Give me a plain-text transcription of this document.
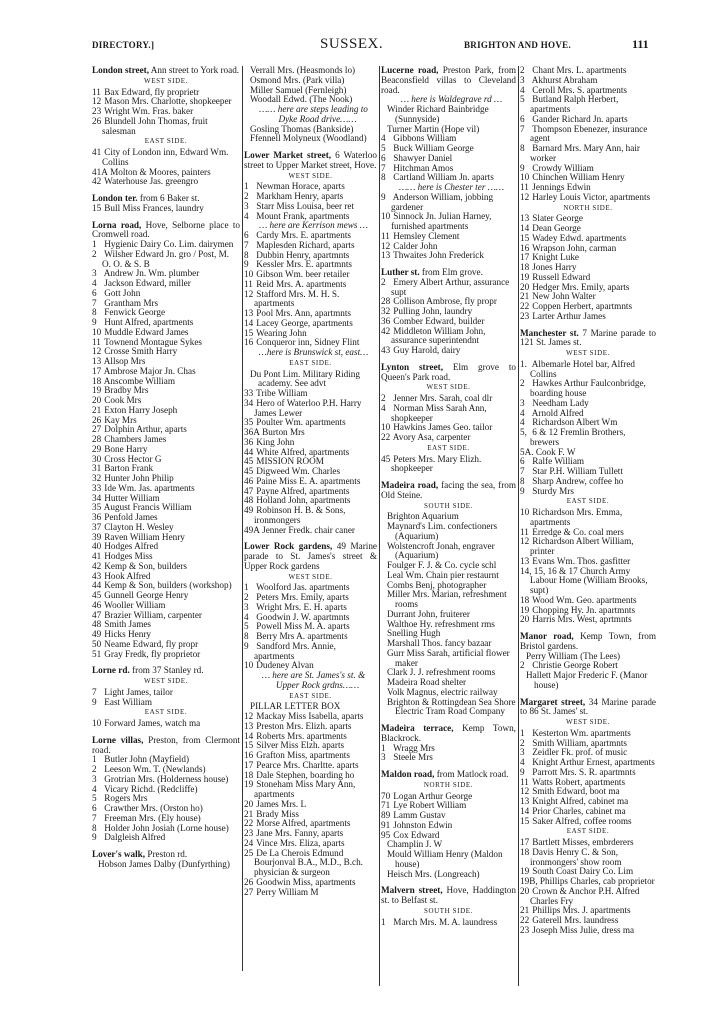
DIRECTORY.]	SUSSEX.	BRIGHTON AND HOVE.	111
London street, Ann street to York road.
WEST SIDE.
11 Bax Edward, fly proprietr
12 Mason Mrs. Charlotte, shopkeeper
23 Wright Wm. Fras. baker
26 Blundell John Thomas, fruit salesman
EAST SIDE.
41 City of London inn, Edward Wm. Collins
41A Molton & Moores, painters
42 Waterhouse Jas. greengro
London ter. from 6 Baker st.
15 Bull Miss Frances, laundry
Lorna road, Hove, Selborne place to Cromwell road.
1 Hygienic Dairy Co. Lim. dairymen
2 Wilsher Edward Jn. gro / Post, M. O. O. & S. B
3 Andrew Jn. Wm. plumber
4 Jackson Edward, miller
6 Gott John
7 Grantham Mrs
8 Fenwick George
9 Hunt Alfred, apartments
10 Muddle Edward James
11 Townend Montague Sykes
12 Crosse Smith Harry
13 Allsop Mrs
17 Ambrose Major Jn. Chas
18 Anscombe William
19 Bradby Mrs
20 Cook Mrs
21 Exton Harry Joseph
26 Kay Mrs
27 Dolphin Arthur, aparts
28 Chambers James
29 Bone Harry
30 Cross Hector G
31 Barton Frank
32 Hunter John Philip
33 Ide Wm. Jas. apartments
34 Hutter William
35 August Francis William
36 Penfold James
37 Clayton H. Wesley
39 Raven William Henry
40 Hodges Alfred
41 Hodges Miss
42 Kemp & Son, builders
43 Hook Alfred
44 Kemp & Son, builders (workshop)
45 Gunnell George Henry
46 Wooller William
47 Brazier William, carpenter
48 Smith James
49 Hicks Henry
50 Neame Edward, fly propr
51 Gray Fredk, fly proprietor
Lorne rd. from 37 Stanley rd.
WEST SIDE.
7 Light James, tailor
9 East William
EAST SIDE.
10 Forward James, watch ma
Lorne villas, Preston, from Clermont road.
1 Butler John (Mayfield)
2 Leeson Wm. T. (Newlands)
3 Grotrian Mrs. (Holderness house)
4 Vicary Richd. (Redcliffe)
5 Rogers Mrs
6 Crawther Mrs. (Orston ho)
7 Freeman Mrs. (Ely house)
8 Holder John Josiah (Lorne house)
9 Dalgleish Alfred
Lover's walk, Preston rd.
Hobson James Dalby (Dunfyrthing)
Verrall Mrs. (Heasmonds lo)
Osmond Mrs. (Park villa)
Miller Samuel (Fernleigh)
Woodall Edwd. (The Nook)
…… here are steps leading to Dyke Road drive……
Gosling Thomas (Bankside)
Ffennell Molyneux (Woodland)
Lower Market street, 6 Waterloo street to Upper Market street, Hove.
WEST SIDE.
1 Newman Horace, aparts
2 Markham Henry, aparts
3 Starr Miss Louisa, beer ret
4 Mount Frank, apartments
… here are Kerrison mews …
6 Cardy Mrs. E. apartments
7 Maplesden Richard, aparts
8 Dubbin Henry, apartmnts
9 Kessler Mrs. E. apartmnts
10 Gibson Wm. beer retailer
11 Reid Mrs. A. apartments
12 Stafford Mrs. M. H. S. apartments
13 Pool Mrs. Ann, apartmnts
14 Lacey George, apartments
15 Wearing John
16 Conqueror inn, Sidney Flint
…here is Brunswick st, east…
EAST SIDE.
Du Pont Lim. Military Riding academy. See advt
33 Tribe William
34 Hero of Waterloo P.H. Harry James Lewer
35 Poulter Wm. apartments
36A Burton Mrs
36 King John
44 White Alfred, apartments
45 MISSION ROOM
45 Digweed Wm. Charles
46 Paine Miss E. A. apartments
47 Payne Alfred, apartments
48 Holland John, apartments
49 Robinson H. B. & Sons, ironmongers
49A Jenner Fredk. chair caner
Lower Rock gardens, 49 Marine parade to St. James's street & Upper Rock gardens
WEST SIDE.
1 Woolford Jas. apartments
2 Peters Mrs. Emily, aparts
3 Wright Mrs. E. H. aparts
4 Goodwin J. W. apartmnts
5 Powell Miss M. A. aparts
8 Berry Mrs A. apartments
9 Sandford Mrs. Annie, apartments
10 Dudeney Alvan
… here are St. James's st. & Upper Rock grdns……
EAST SIDE.
PILLAR LETTER BOX
12 Mackay Miss Isabella, aparts
13 Preston Mrs. Elizh. aparts
14 Roberts Mrs. apartments
15 Silver Miss Elzh. aparts
16 Grafton Miss, apartments
17 Pearce Mrs. Charltte. aparts
18 Dale Stephen, boarding ho
19 Stoneham Miss Mary Ann, apartments
20 James Mrs. L
21 Brady Miss
22 Morse Alfred, apartments
23 Jane Mrs. Fanny, aparts
24 Vince Mrs. Eliza, aparts
25 De La Cherois Edmund Bourjonval B.A., M.D., B.ch. physician & surgeon
26 Goodwin Miss, apartments
27 Perry William M
Lucerne road, Preston Park, from Beaconsfield villas to Cleveland road.
… here is Waldegrave rd …
Winder Richard Bainbridge (Sunnyside)
Turner Martin (Hope vil)
4 Gibbons William
5 Buck William George
6 Shawyer Daniel
7 Hitchman Amos
8 Cartland William Jn. aparts
…… here is Chester ter ……
9 Anderson William, jobbing gardener
10 Sinnock Jn. Julian Harney, furnished apartments
11 Hemsley Clement
12 Calder John
13 Thwaites John Frederick
Luther st. from Elm grove.
2 Emery Albert Arthur, assurance supt
28 Collison Ambrose, fly propr
32 Pulling John, laundry
36 Comber Edward, builder
42 Middleton William John, assurance superintendnt
43 Guy Harold, dairy
Lynton street, Elm grove to Queen's Park road.
WEST SIDE.
2 Jenner Mrs. Sarah, coal dlr
4 Norman Miss Sarah Ann, shopkeeper
10 Hawkins James Geo. tailor
22 Avory Asa, carpenter
EAST SIDE.
45 Peters Mrs. Mary Elizh. shopkeeper
Madeira road, facing the sea, from Old Steine.
SOUTH SIDE.
Brighton Aquarium
Maynard's Lim. confectioners (Aquarium)
Wolstencroft Jonah, engraver (Aquarium)
Foulger F. J. & Co. cycle schl
Leal Wm. Chain pier restaurnt
Combs Benj, photographer
Miller Mrs. Marian, refreshment rooms
Durrant John, fruiterer
Walthoe Hy. refreshment rms
Snelling Hugh
Marshall Thos. fancy bazaar
Gurr Miss Sarah, artificial flower maker
Clark J. J. refreshment rooms
Madeira Road shelter
Volk Magnus, electric railway
Brighton & Rottingdean Sea Shore Electric Tram Road Company
Madeira terrace, Kemp Town, Blackrock.
1 Wragg Mrs
3 Steele Mrs
Maldon road, from Matlock road.
NORTH SIDE.
70 Logan Arthur George
71 Lye Robert William
89 Lamm Gustav
91 Johnston Edwin
95 Cox Edward
Champlin J. W
Mould William Henry (Maldon house)
Heisch Mrs. (Longreach)
Malvern street, Hove, Haddington st. to Belfast st.
SOUTH SIDE.
1 March Mrs. M. A. laundress
2 Chant Mrs. L. apartments
3 Akhurst Abraham
4 Ceroll Mrs. S. apartments
5 Butland Ralph Herbert, apartments
6 Gander Richard Jn. aparts
7 Thompson Ebenezer, insurance agent
8 Barnard Mrs. Mary Ann, hair worker
9 Crowdy William
10 Chinchen William Henry
11 Jennings Edwin
12 Harley Louis Victor, apartments
NORTH SIDE.
13 Slater George
14 Dean George
15 Wadey Edwd. apartments
16 Wrapson John, carman
17 Knight Luke
18 Jones Harry
19 Russell Edward
20 Hedger Mrs. Emily, aparts
21 New John Walter
22 Coppen Herbert, apartmnts
23 Larter Arthur James
Manchester st. 7 Marine parade to 121 St. James st.
WEST SIDE.
1. Albemarle Hotel bar, Alfred Collins
2 Hawkes Arthur Faulconbridge, boarding house
3 Needham Lady
4 Arnold Alfred
4 Richardson Albert Wm
5, 6 & 12 Fremlin Brothers, brewers
5A. Cook F. W
6 Ralfe William
7 Star P.H. William Tullett
8 Sharp Andrew, coffee ho
9 Sturdy Mrs
EAST SIDE.
10 Richardson Mrs. Emma, apartments
11 Erredge & Co. coal mers
12 Richardson Albert William, printer
13 Evans Wm. Thos. gasfitter
14, 15, 16 & 17 Church Army Labour Home (William Brooks, supt)
18 Wood Wm. Geo. apartments
19 Chopping Hy. Jn. apartmnts
20 Harris Mrs. West, aprtmnts
Manor road, Kemp Town, from Bristol gardens.
Perry William (The Lees)
2 Christie George Robert
Hallett Major Frederic F. (Manor house)
Margaret street, 34 Marine parade to 86 St. James' st.
WEST SIDE.
1 Kesterton Wm. apartments
2 Smith William, apartmnts
3 Zeidler Fk. prof. of music
4 Knight Arthur Ernest, apartments
9 Parrott Mrs. S. R. apartmnts
11 Watts Robert, apartments
12 Smith Edward, boot ma
13 Knight Alfred, cabinet ma
14 Prior Charles, cabinet ma
15 Saker Alfred, coffee rooms
EAST SIDE.
17 Bartlett Misses, embrderers
18 Davis Henry C. & Son, ironmongers' show room
19 South Coast Dairy Co. Lim
19B, Phillips Charles, cab proprietor
20 Crown & Anchor P.H. Alfred Charles Fry
21 Phillips Mrs. J. apartments
22 Gaterell Mrs. laundress
23 Joseph Miss Julie, dress ma
